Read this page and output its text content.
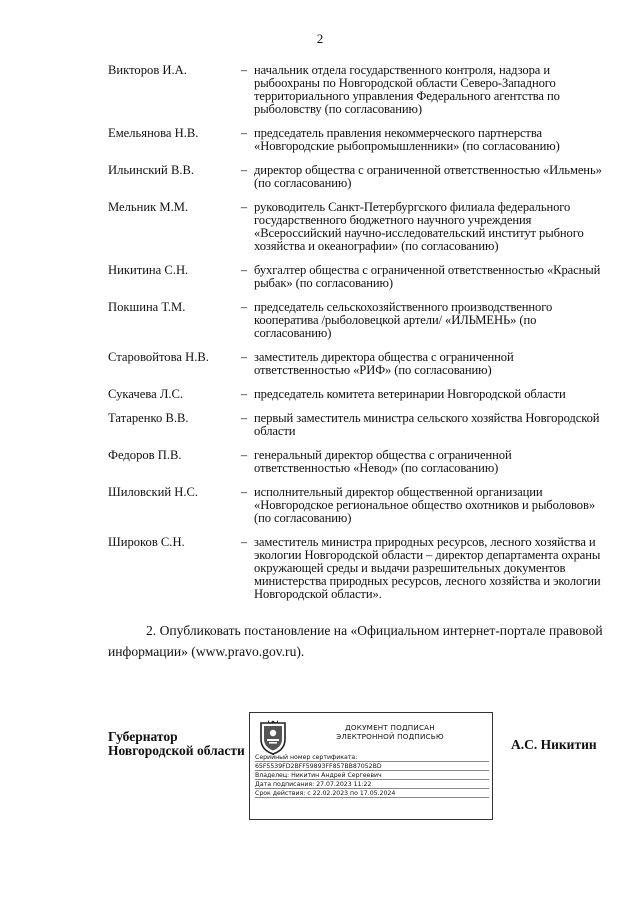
2
Викторов И.А.	– начальник отдела государственного контроля, надзора и рыбоохраны по Новгородской области Северо-Западного территориального управления Федерального агентства по рыболовству (по согласованию)
Емельянова Н.В.	– председатель правления некоммерческого партнерства «Новгородские рыбопромышленники» (по согласованию)
Ильинский В.В.	– директор общества с ограниченной ответственностью «Ильмень» (по согласованию)
Мельник М.М.	– руководитель Санкт-Петербургского филиала федерального государственного бюджетного научного учреждения «Всероссийский научно-исследовательский институт рыбного хозяйства и океанографии» (по согласованию)
Никитина С.Н.	– бухгалтер общества с ограниченной ответственностью «Красный рыбак» (по согласованию)
Покшина Т.М.	– председатель сельскохозяйственного производственного кооператива /рыболовецкой артели/ «ИЛЬМЕНЬ» (по согласованию)
Старовойтова Н.В.	– заместитель директора общества с ограниченной ответственностью «РИФ» (по согласованию)
Сукачева Л.С.	– председатель комитета ветеринарии Новгородской области
Татаренко В.В.	– первый заместитель министра сельского хозяйства Новгородской области
Федоров П.В.	– генеральный директор общества с ограниченной ответственностью «Невод» (по согласованию)
Шиловский Н.С.	– исполнительный директор общественной организации «Новгородское региональное общество охотников и рыболовов» (по согласованию)
Широков С.Н.	– заместитель министра природных ресурсов, лесного хозяйства и экологии Новгородской области – директор департамента охраны окружающей среды и выдачи разрешительных документов министерства природных ресурсов, лесного хозяйства и экологии Новгородской области».
2. Опубликовать постановление на «Официальном интернет-портале правовой информации» (www.pravo.gov.ru).
Губернатор
Новгородской области
ДОКУМЕНТ ПОДПИСАН
ЭЛЕКТРОННОЙ ПОДПИСЬЮ
Серийный номер сертификата:
65F5539FD2BFF59893FF857BB87052BD
Владелец: Никитин Андрей Сергеевич
Дата подписания: 27.07.2023 11:22
Срок действия: с 22.02.2023 по 17.05.2024
А.С. Никитин
